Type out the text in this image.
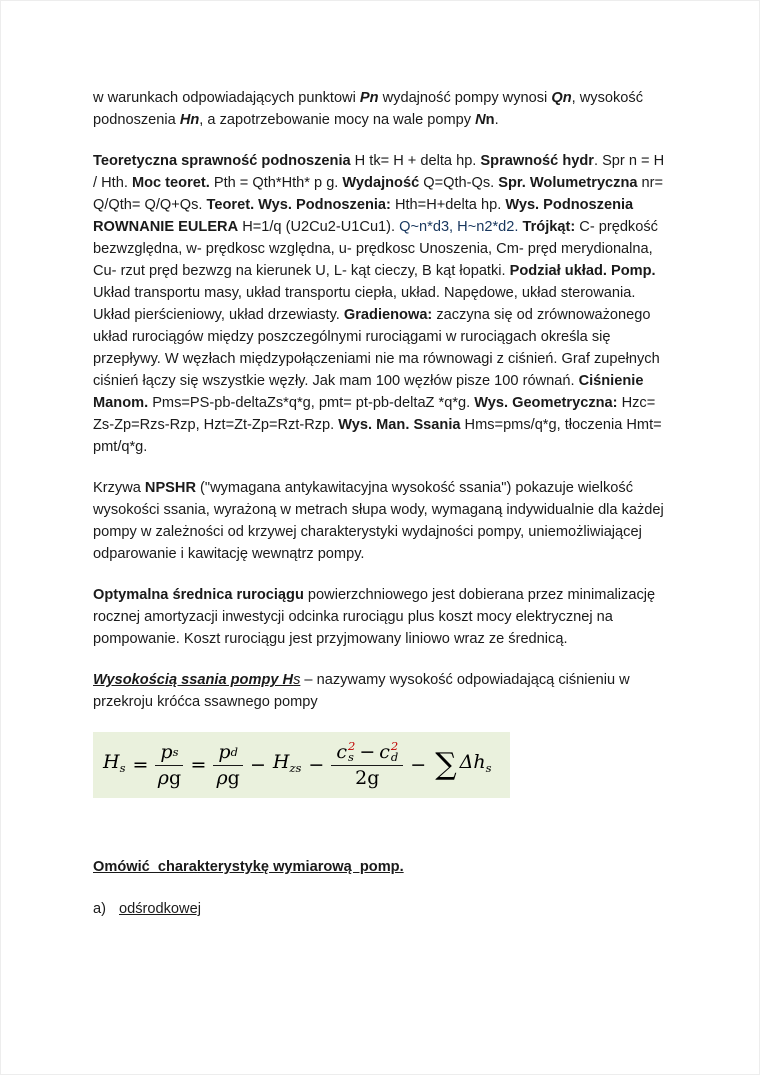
w warunkach odpowiadających punktowi Pn wydajność pompy wynosi Qn, wysokość podnoszenia Hn, a zapotrzebowanie mocy na wale pompy Nn.

Teoretyczna sprawność podnoszenia H tk= H + delta hp. Sprawność hydr. Spr n = H / Hth. Moc teoret. Pth = Qth*Hth* p g. Wydajność Q=Qth-Qs. Spr. Wolumetryczna nr= Q/Qth= Q/Q+Qs. Teoret. Wys. Podnoszenia: Hth=H+delta hp. Wys. Podnoszenia ROWNANIE EULERA H=1/q (U2Cu2-U1Cu1). Q~n*d3, H~n2*d2. Trójkąt: C- prędkość bezwzględna, w- prędkosc względna, u- prędkosc Unoszenia, Cm- pręd merydionalna, Cu- rzut pręd bezwzg na kierunek U, L- kąt cieczy, B kąt łopatki. Podział układ. Pomp. Układ transportu masy, układ transportu ciepła, układ. Napędowe, układ sterowania. Układ pierścieniowy, układ drzewiasty. Gradienowa: zaczyna się od zrównoważonego układ rurociągów między poszczególnymi rurociągami w rurociągach określa się przepływy. W węzłach międzypołączeniami nie ma równowagi z ciśnień. Graf zupełnych ciśnień łączy się wszystkie węzły. Jak mam 100 węzłów pisze 100 równań. Ciśnienie Manom. Pms=PS-pb-deltaZs*q*g, pmt= pt-pb-deltaZ *q*g. Wys. Geometryczna: Hzc= Zs-Zp=Rzs-Rzp, Hzt=Zt-Zp=Rzt-Rzp. Wys. Man. Ssania Hms=pms/q*g, tłoczenia Hmt= pmt/q*g.

Krzywa NPSHR ("wymagana antykawitacyjna wysokość ssania") pokazuje wielkość wysokości ssania, wyrażoną w metrach słupa wody, wymaganą indywidualnie dla każdej pompy w zależności od krzywej charakterystyki wydajności pompy, uniemożliwiającej odparowanie i kawitację wewnątrz pompy.

Optymalna średnica rurociągu powierzchniowego jest dobierana przez minimalizację rocznej amortyzacji inwestycji odcinka rurociągu plus koszt mocy elektrycznej na pompowanie. Koszt rurociągu jest przyjmowany liniowo wraz ze średnicą.

Wysokością ssania pompy Hs – nazywamy wysokość odpowiadającą ciśnieniu w przekroju króćca ssawnego pompy

$H_s = \frac{\text{p s}}{\rho g} = \frac{\text{p d}}{\rho g} - H_{zs} - c$ 2
s − c 2
d
2g − ∑ $\Delta h_s$
Omówić  charakterystykę wymiarową  pomp.
a) odśrodkowej
